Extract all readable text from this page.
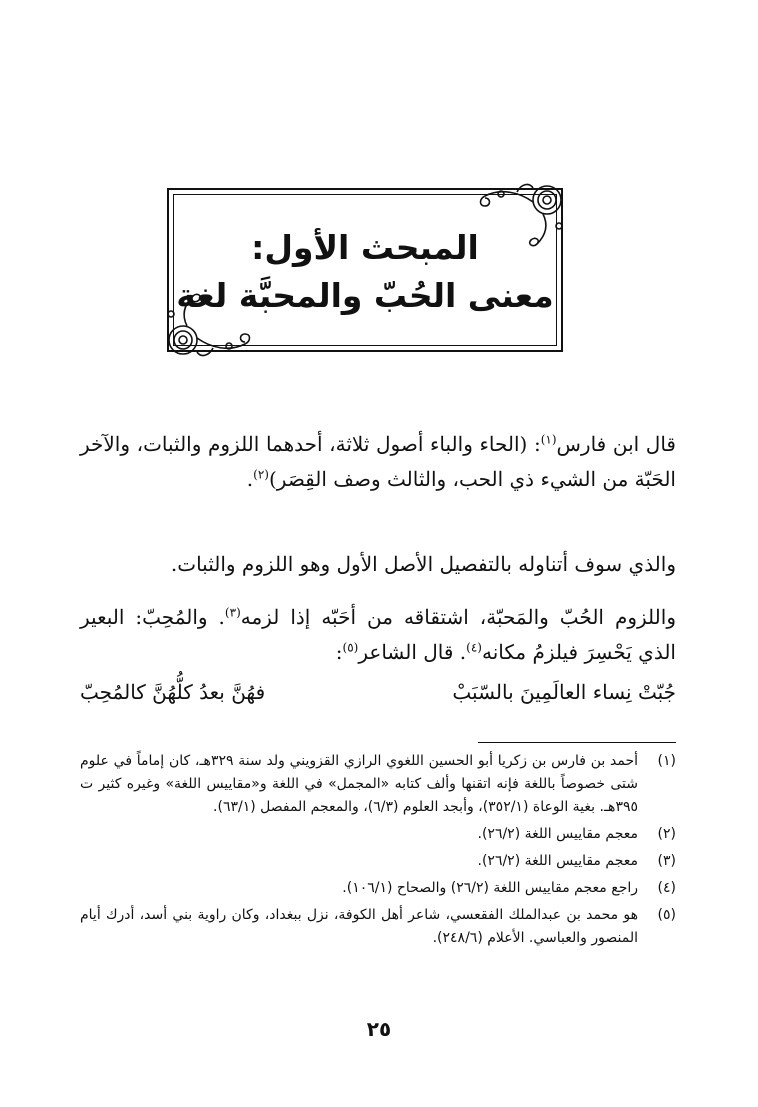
المبحث الأول:
معنى الحُبّ والمحبَّة لغة
قال ابن فارس$^{(١)}$: (الحاء والباء أصول ثلاثة، أحدهما اللزوم والثبات، والآخر الحَبّة من الشيء ذي الحب، والثالث وصف القِصَر)$^{(٢)}$.
والذي سوف أتناوله بالتفصيل الأصل الأول وهو اللزوم والثبات.
واللزوم الحُبّ والمَحبّة، اشتقاقه من أحَبّه إذا لزمه$^{(٣)}$. والمُحِبّ: البعير الذي يَحْسِرَ فيلزمُ مكانه$^{(٤)}$. قال الشاعر$^{(٥)}$:
جُبّتْ نِساء العالَمِينَ بالسّبَبْ
فهُنَّ بعدُ كلُّهُنَّ كالمُحِبّ
(١)
أحمد بن فارس بن زكريا أبو الحسين اللغوي الرازي القزويني ولد سنة ٣٢٩هـ، كان إماماً في علوم شتى خصوصاً باللغة فإنه اتقنها وألف كتابه «المجمل» في اللغة و«مقاييس اللغة» وغيره كثير ت ٣٩٥هـ. بغية الوعاة (٣٥٢/١)، وأبجد العلوم (٦/٣)، والمعجم المفصل (٦٣/١).
(٢)
معجم مقاييس اللغة (٢٦/٢).
(٣)
معجم مقاييس اللغة (٢٦/٢).
(٤)
راجع معجم مقاييس اللغة (٢٦/٢) والصحاح (١٠٦/١).
(٥)
هو محمد بن عبدالملك الفقعسي، شاعر أهل الكوفة، نزل ببغداد، وكان راوية بني أسد، أدرك أيام المنصور والعباسي. الأعلام (٢٤٨/٦).
٢٥
